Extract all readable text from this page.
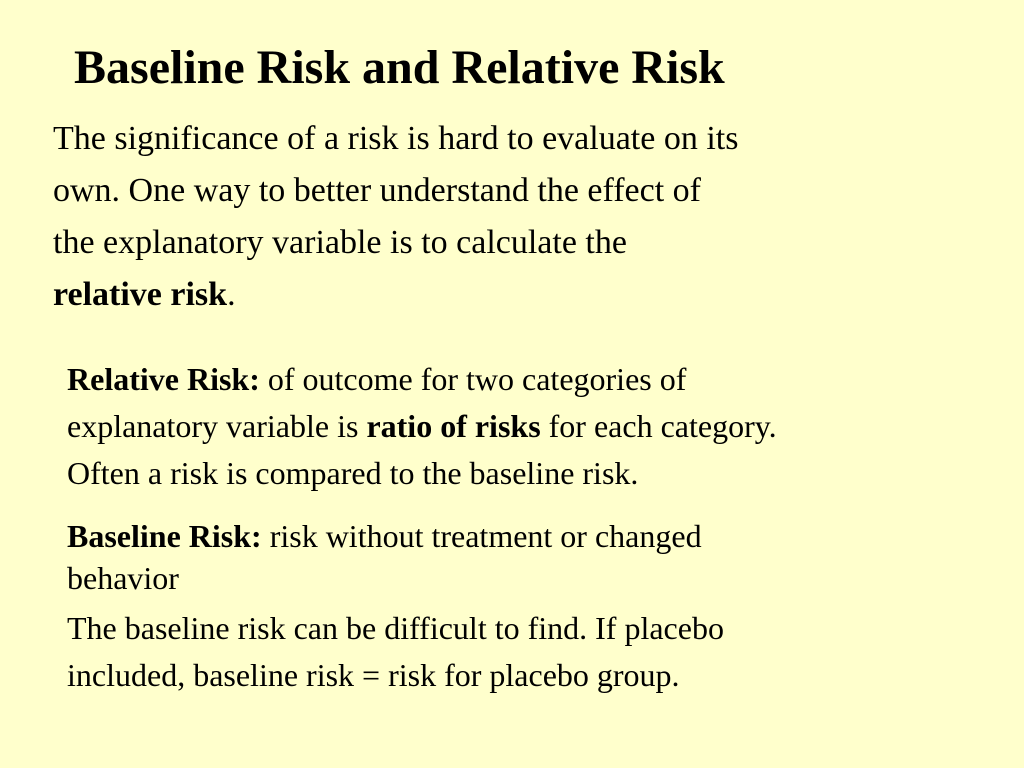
Baseline Risk and Relative Risk

The significance of a risk is hard to evaluate on its
own. One way to better understand the effect of
the explanatory variable is to calculate the
relative risk.

Relative Risk: of outcome for two categories of
explanatory variable is ratio of risks for each category.
Often a risk is compared to the baseline risk.

Baseline Risk: risk without treatment or changed
behavior

The baseline risk can be difficult to find. If placebo
included, baseline risk = risk for placebo group.
